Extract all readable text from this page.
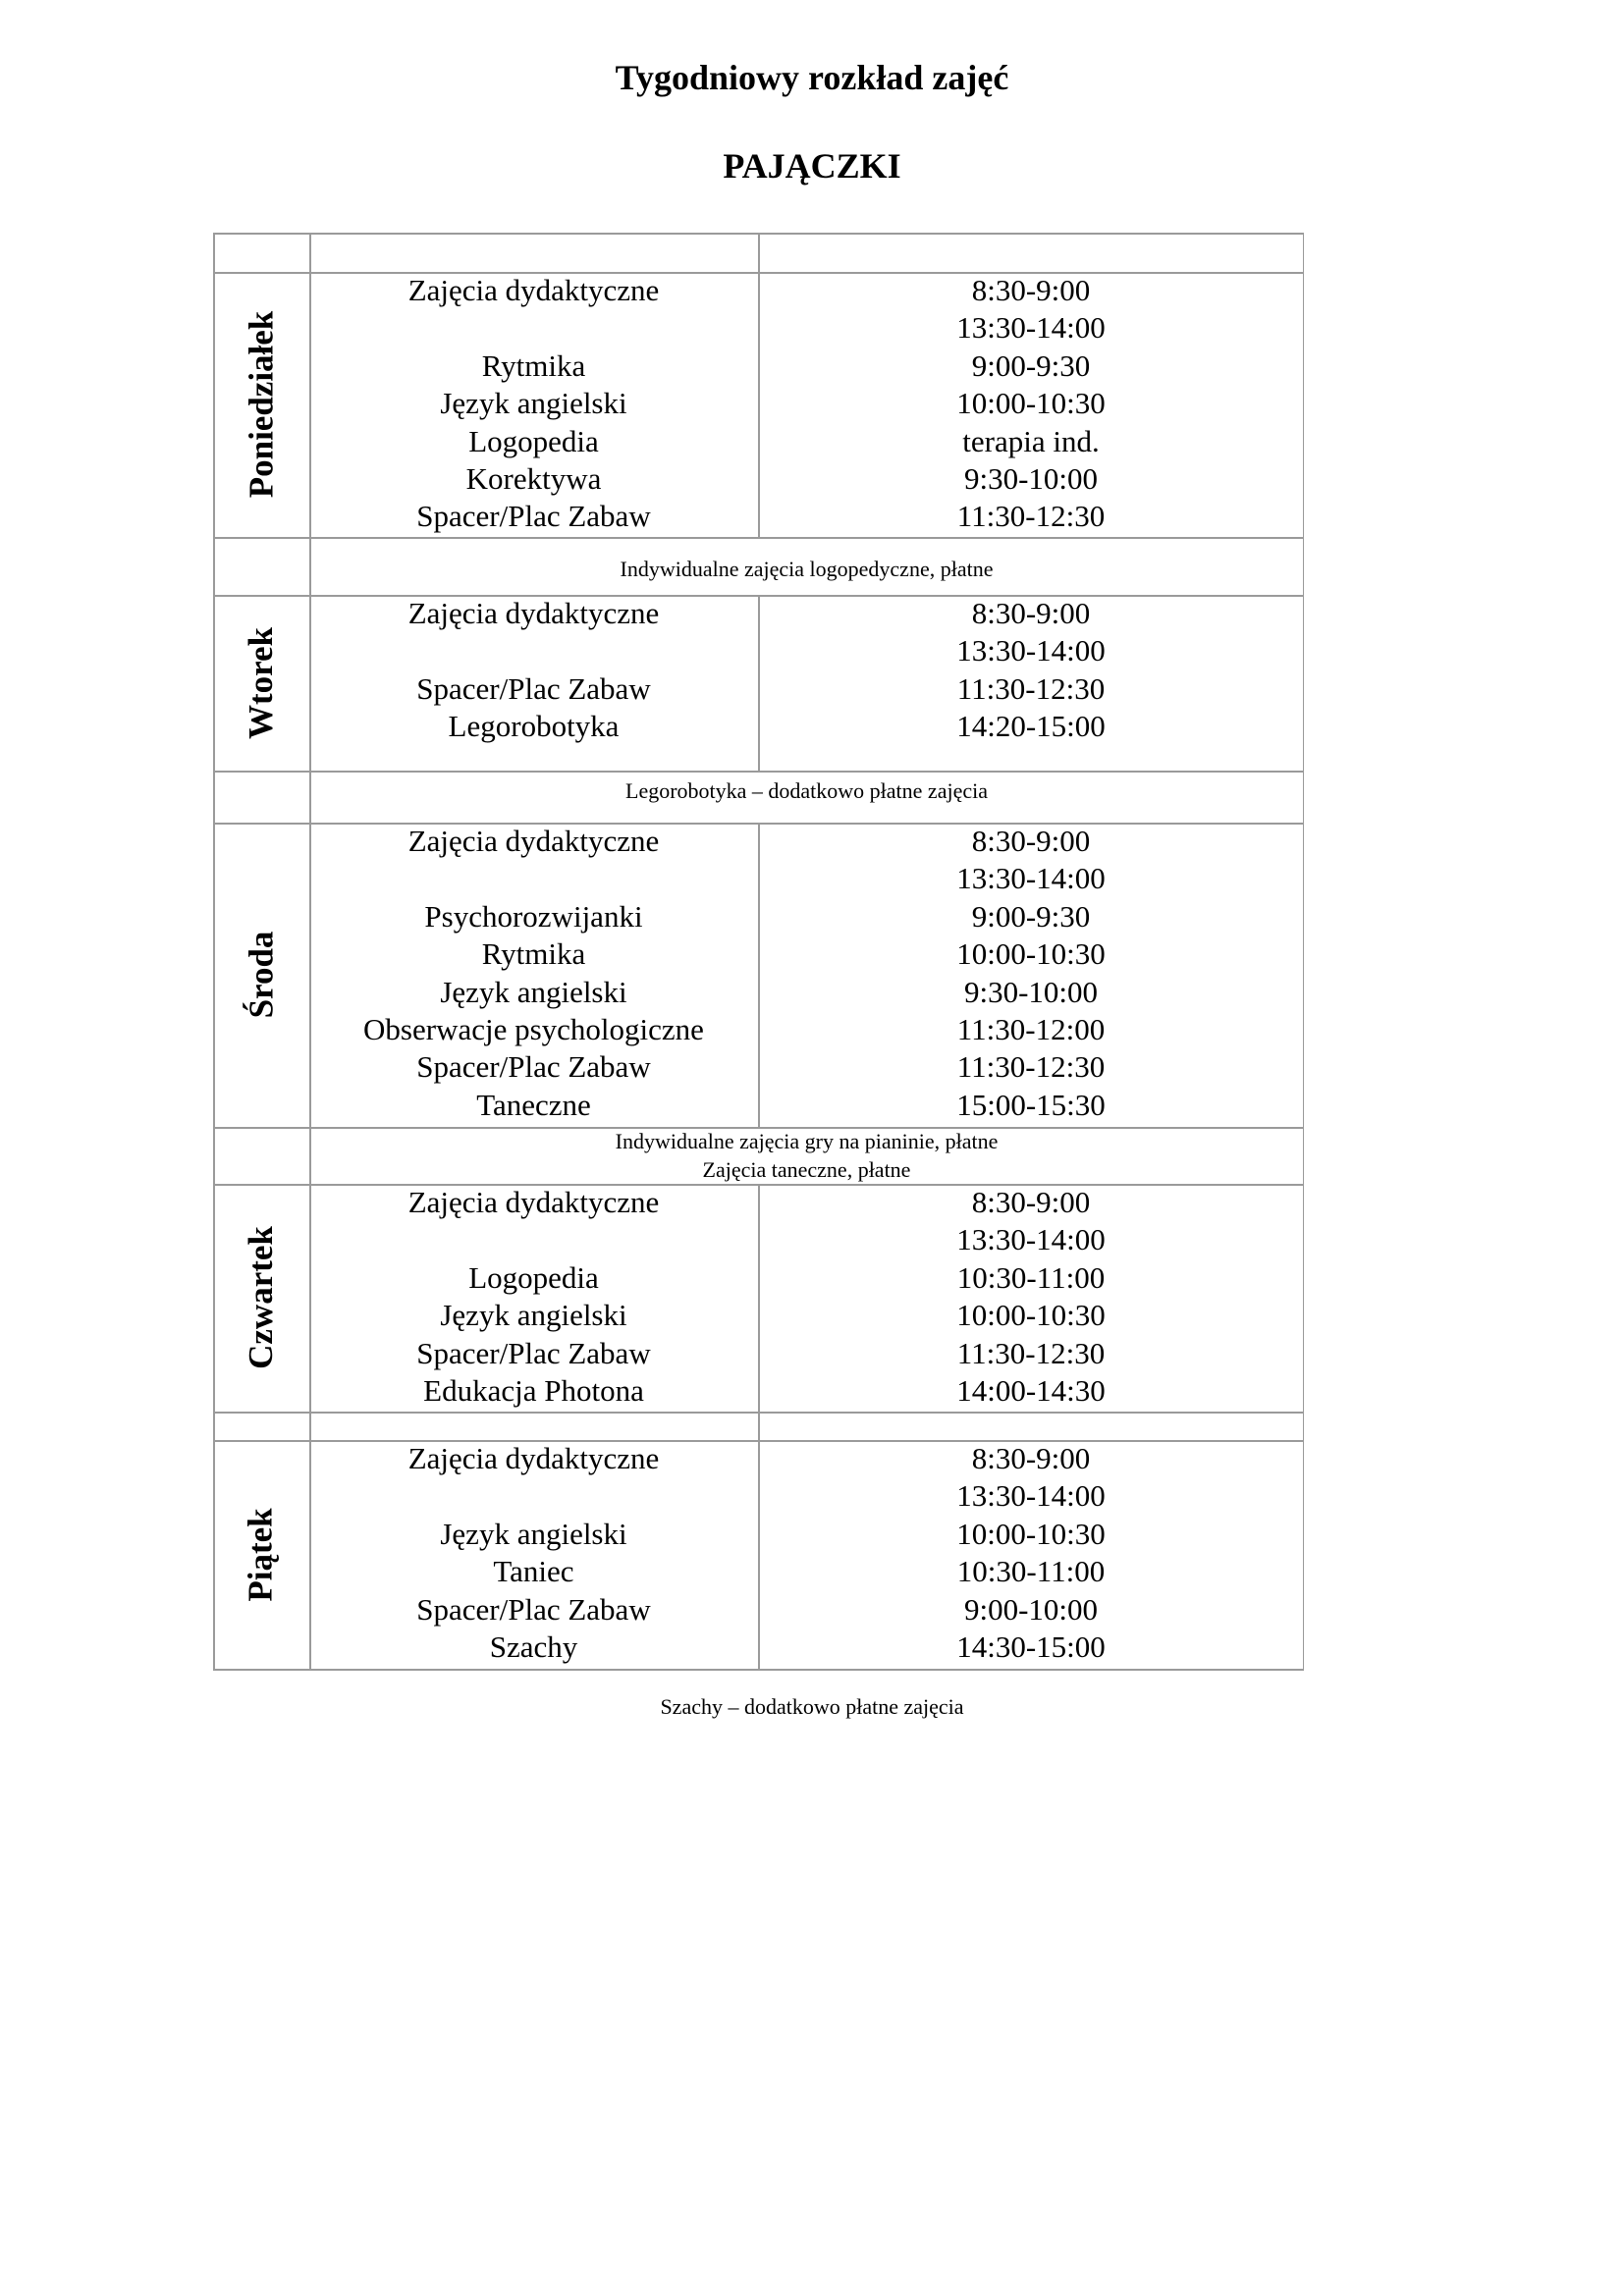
Tygodniowy rozkład zajęć
PAJĄCZKI
Poniedziałek
Zajęcia dydaktyczne
Rytmika
Język angielski
Logopedia
Korektywa
Spacer/Plac Zabaw
8:30-9:00
13:30-14:00
9:00-9:30
10:00-10:30
terapia ind.
9:30-10:00
11:30-12:30
Indywidualne zajęcia logopedyczne, płatne
Wtorek
Zajęcia dydaktyczne
Spacer/Plac Zabaw
Legorobotyka
8:30-9:00
13:30-14:00
11:30-12:30
14:20-15:00
Legorobotyka – dodatkowo płatne zajęcia
Środa
Zajęcia dydaktyczne
Psychorozwijanki
Rytmika
Język angielski
Obserwacje psychologiczne
Spacer/Plac Zabaw
Taneczne
8:30-9:00
13:30-14:00
9:00-9:30
10:00-10:30
9:30-10:00
11:30-12:00
11:30-12:30
15:00-15:30
Indywidualne zajęcia gry na pianinie, płatne
Zajęcia taneczne, płatne
Czwartek
Zajęcia dydaktyczne
Logopedia
Język angielski
Spacer/Plac Zabaw
Edukacja Photona
8:30-9:00
13:30-14:00
10:30-11:00
10:00-10:30
11:30-12:30
14:00-14:30
Piątek
Zajęcia dydaktyczne
Język angielski
Taniec
Spacer/Plac Zabaw
Szachy
8:30-9:00
13:30-14:00
10:00-10:30
10:30-11:00
9:00-10:00
14:30-15:00
Szachy – dodatkowo płatne zajęcia
